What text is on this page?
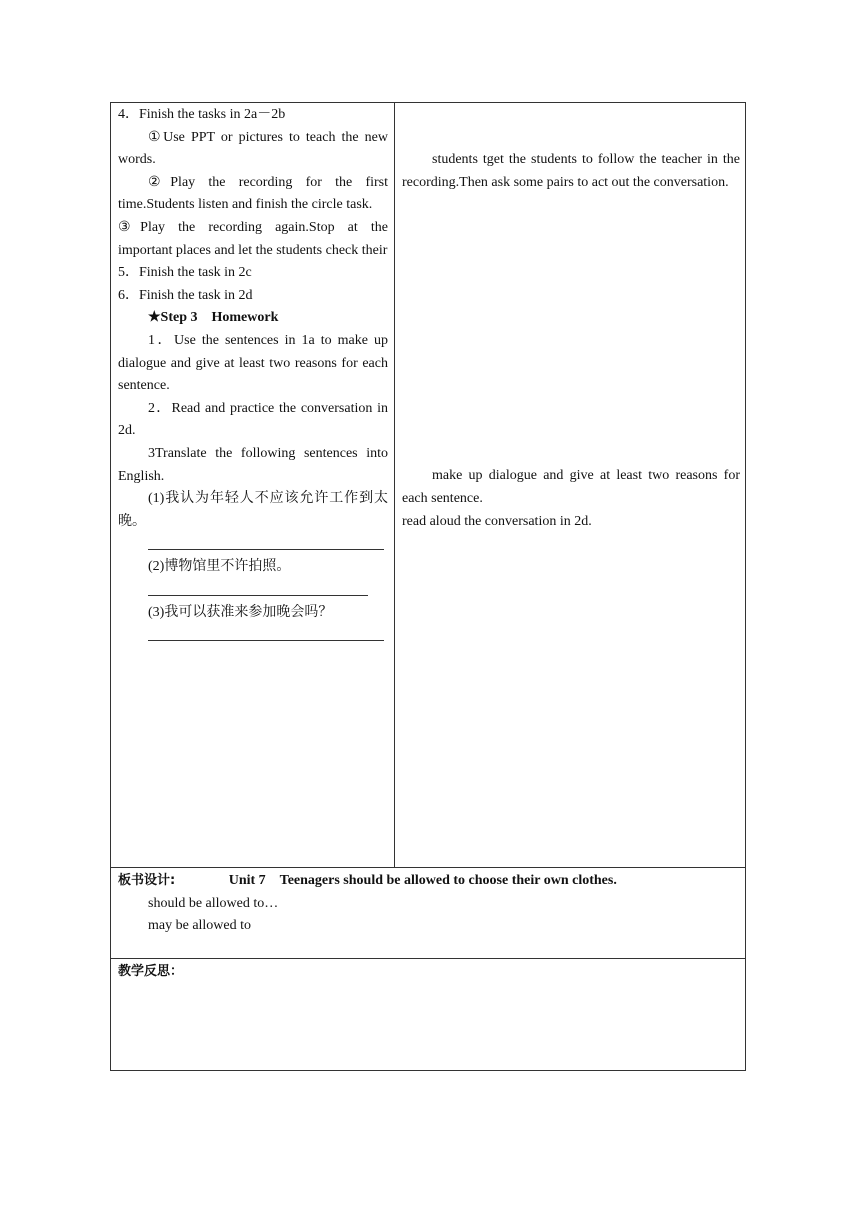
4．Finish the tasks in 2a－2b

①Use PPT or pictures to teach the new words.

②Play the recording for the first time.Students listen and finish the circle task.

③Play the recording again.Stop at the important places and let the students check their

5．Finish the task in 2c

6．Finish the task in 2d

★Step 3　Homework

1．Use the sentences in 1a to make up dialogue and give at least two reasons for each sentence.

2．Read and practice the conversation in 2d.

3Translate the following sentences into English.

(1)我认为年轻人不应该允许工作到太晚。

(2)博物馆里不许拍照。

(3)我可以获准来参加晚会吗？

students tget the students to follow the teacher in the recording.Then ask some pairs to act out the conversation.

make up dialogue and give at least two reasons for each sentence.

read aloud the conversation in 2d.

板书设计:	Unit 7　Teenagers should be allowed to choose their own clothes.
should be allowed to…
may be allowed to
教学反思：
